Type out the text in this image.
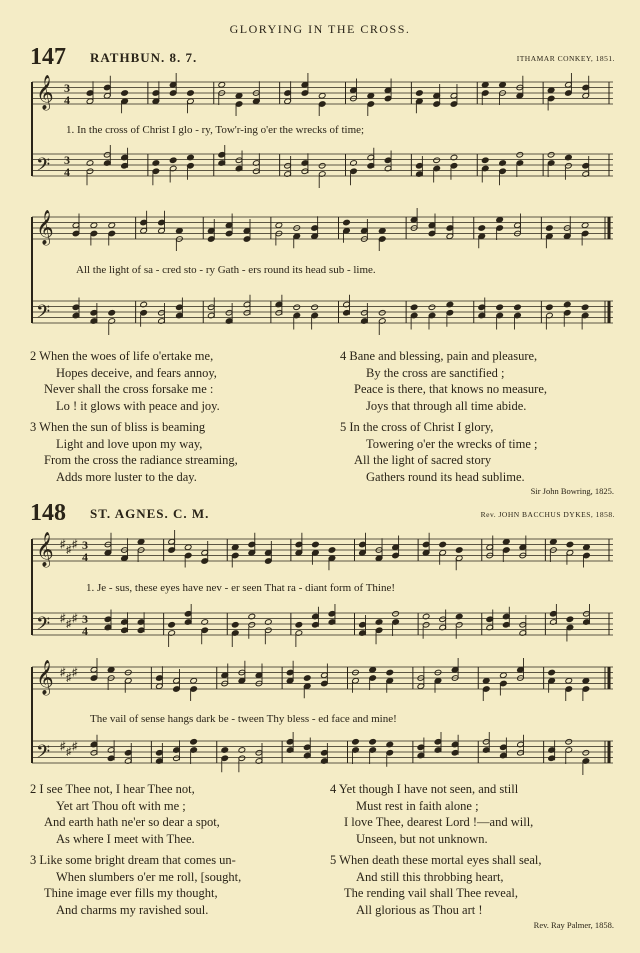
GLORYING IN THE CROSS.
147 RATHBUN. 8. 7.	ITHAMAR CONKEY, 1851.
𝄞 3
4
𝄢 3
4
1. In the cross of Christ I glo - ry, Tow'r-ing o'er the wrecks of time;
𝄞
𝄢
All the light of sa - cred sto - ry Gath - ers round its head sub - lime.
2 When the woes of life o'ertake me,
Hopes deceive, and fears annoy,
Never shall the cross forsake me :
Lo ! it glows with peace and joy.
3 When the sun of bliss is beaming
Light and love upon my way,
From the cross the radiance streaming,
Adds more luster to the day.
4 Bane and blessing, pain and pleasure,
By the cross are sanctified ;
Peace is there, that knows no measure,
Joys that through all time abide.
5 In the cross of Christ I glory,
Towering o'er the wrecks of time ;
All the light of sacred story
Gathers round its head sublime.
Sir John Bowring, 1825.
148 ST. AGNES. C. M.	Rev. JOHN BACCHUS DYKES, 1858.
𝄞 ♯ ♯ ♯ 3
4
𝄢 ♯ ♯ ♯ 3
4
1. Je - sus, these eyes have nev - er seen That ra - diant form of Thine!
𝄞 ♯ ♯ ♯
𝄢 ♯ ♯ ♯
The vail of sense hangs dark be - tween Thy bless - ed face and mine!
2 I see Thee not, I hear Thee not,
Yet art Thou oft with me ;
And earth hath ne'er so dear a spot,
As where I meet with Thee.
3 Like some bright dream that comes un-
When slumbers o'er me roll, [sought,
Thine image ever fills my thought,
And charms my ravished soul.
4 Yet though I have not seen, and still
Must rest in faith alone ;
I love Thee, dearest Lord !—and will,
Unseen, but not unknown.
5 When death these mortal eyes shall seal,
And still this throbbing heart,
The rending vail shall Thee reveal,
All glorious as Thou art !
Rev. Ray Palmer, 1858.
